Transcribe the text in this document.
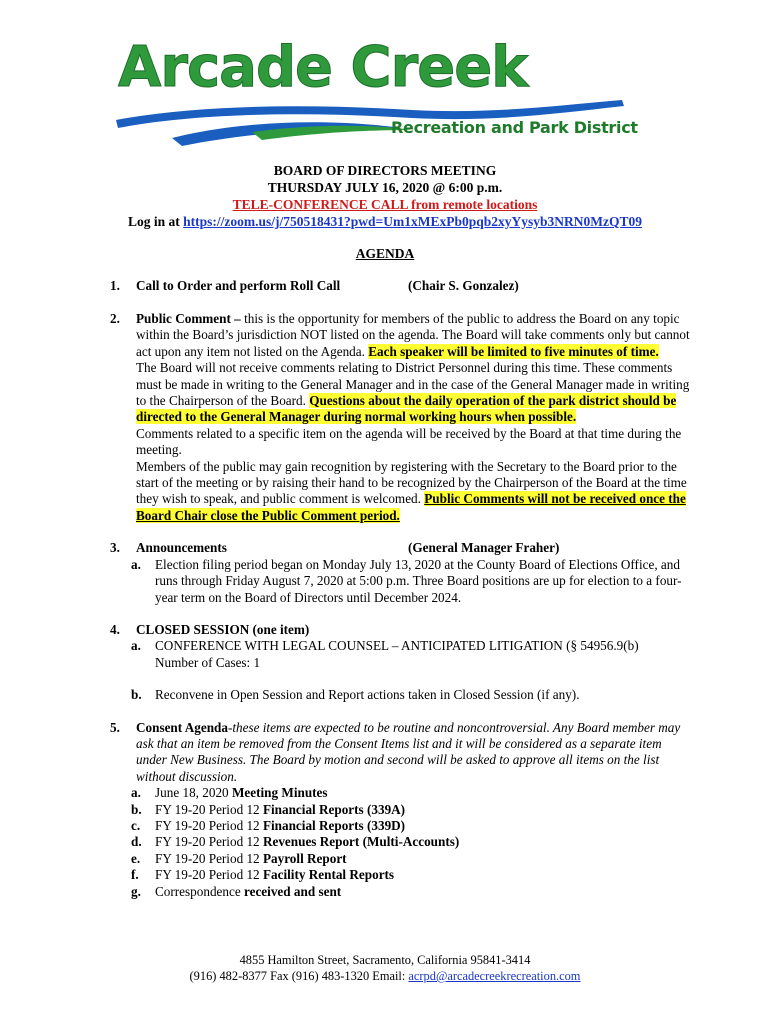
Arcade Creek
Recreation and Park District
BOARD OF DIRECTORS MEETING
THURSDAY JULY 16, 2020 @ 6:00 p.m.
TELE-CONFERENCE CALL from remote locations
Log in at https://zoom.us/j/750518431?pwd=Um1xMExPb0pqb2xyYysyb3NRN0MzQT09
AGENDA
1. Call to Order and perform Roll Call	(Chair S. Gonzalez)
2. Public Comment – this is the opportunity for members of the public to address the Board on any topic within the Board’s jurisdiction NOT listed on the agenda. The Board will take comments only but cannot act upon any item not listed on the Agenda. Each speaker will be limited to five minutes of time.

The Board will not receive comments relating to District Personnel during this time. These comments must be made in writing to the General Manager and in the case of the General Manager made in writing to the Chairperson of the Board. Questions about the daily operation of the park district should be directed to the General Manager during normal working hours when possible.

Comments related to a specific item on the agenda will be received by the Board at that time during the meeting.

Members of the public may gain recognition by registering with the Secretary to the Board prior to the start of the meeting or by raising their hand to be recognized by the Chairperson of the Board at the time they wish to speak, and public comment is welcomed. Public Comments will not be received once the Board Chair close the Public Comment period.

3. Announcements	(General Manager Fraher)
a. Election filing period began on Monday July 13, 2020 at the County Board of Elections Office, and runs through Friday August 7, 2020 at 5:00 p.m. Three Board positions are up for election to a four-year term on the Board of Directors until December 2024.
4. CLOSED SESSION (one item)
a. CONFERENCE WITH LEGAL COUNSEL – ANTICIPATED LITIGATION (§ 54956.9(b)
Number of Cases: 1
b. Reconvene in Open Session and Report actions taken in Closed Session (if any).
5. Consent Agenda-these items are expected to be routine and noncontroversial. Any Board member may ask that an item be removed from the Consent Items list and it will be considered as a separate item under New Business. The Board by motion and second will be asked to approve all items on the list without discussion.

a. June 18, 2020 Meeting Minutes
b. FY 19-20 Period 12 Financial Reports (339A)
c. FY 19-20 Period 12 Financial Reports (339D)
d. FY 19-20 Period 12 Revenues Report (Multi-Accounts)
e. FY 19-20 Period 12 Payroll Report
f. FY 19-20 Period 12 Facility Rental Reports
g. Correspondence received and sent
4855 Hamilton Street, Sacramento, California 95841-3414
(916) 482-8377 Fax (916) 483-1320 Email: acrpd@arcadecreekrecreation.com
